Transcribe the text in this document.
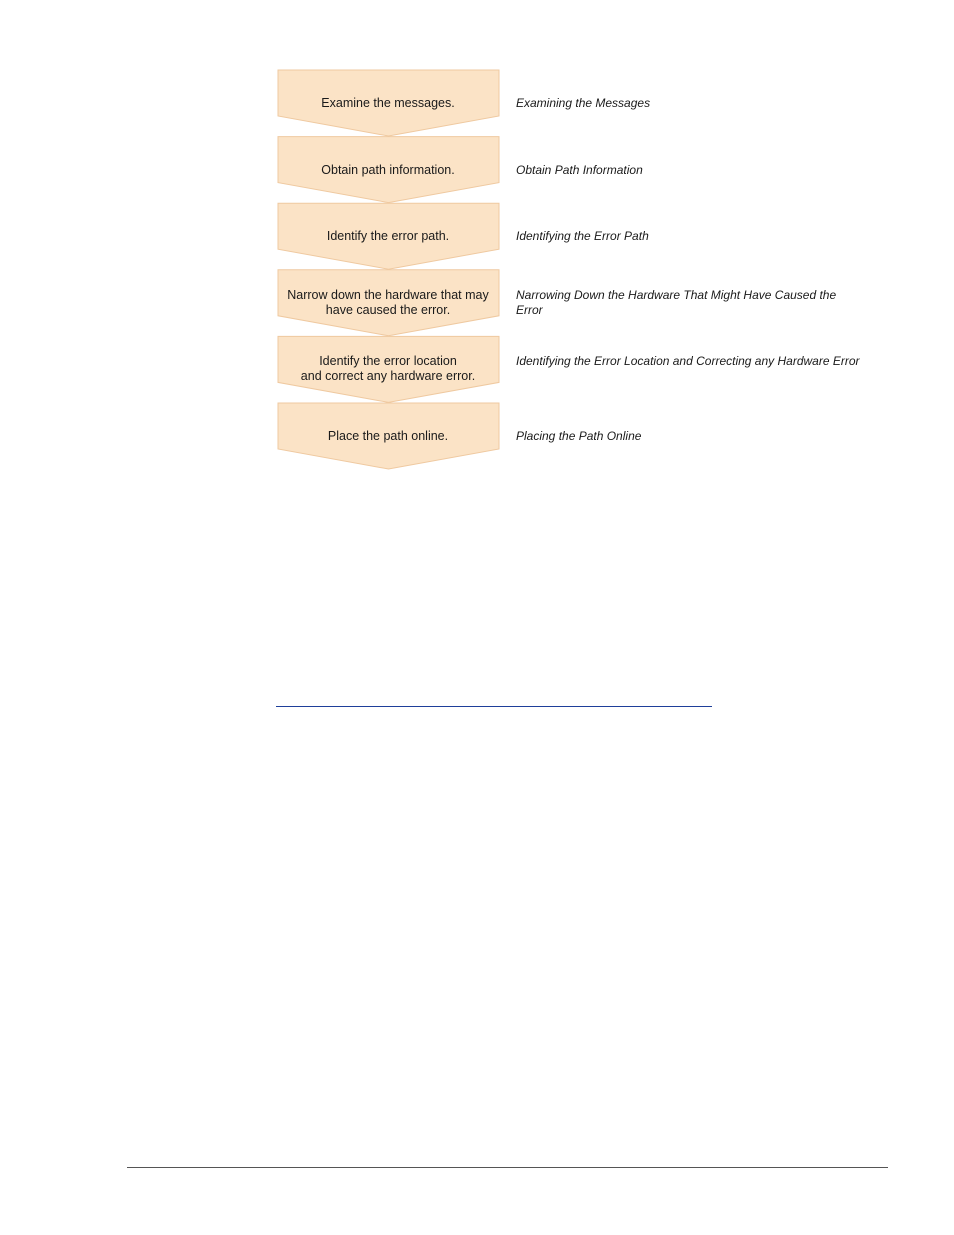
Examine the messages.
Obtain path information.
Identify the error path.
Narrow down the hardware that may
have caused the error.
Identify the error location
and correct any hardware error.
Place the path online.
Examining the Messages
Obtain Path Information
Identifying the Error Path
Narrowing Down the Hardware That Might Have Caused the Error
Identifying the Error Location and Correcting any Hardware Error
Placing the Path Online
